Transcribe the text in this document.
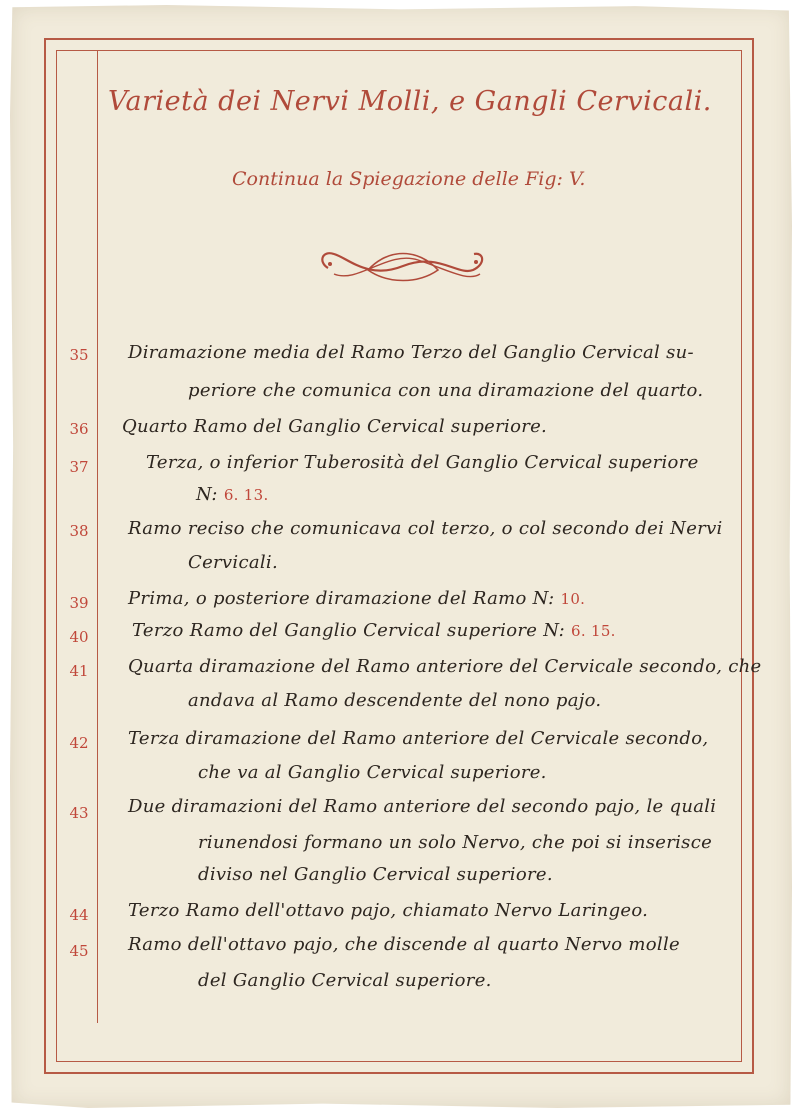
Varietà dei Nervi Molli, e Gangli Cervicali.
Continua la Spiegazione delle Fig: V.
35	Diramazione media del Ramo Terzo del Ganglio Cervical su-
periore che comunica con una diramazione del quarto.
36	Quarto Ramo del Ganglio Cervical superiore.
37	Terza, o inferior Tuberosità del Ganglio Cervical superiore
N: 6. 13.
38	Ramo reciso che comunicava col terzo, o col secondo dei Nervi
Cervicali.
39	Prima, o posteriore diramazione del Ramo N: 10.
40	Terzo Ramo del Ganglio Cervical superiore N: 6. 15.
41	Quarta diramazione del Ramo anteriore del Cervicale secondo, che
andava al Ramo descendente del nono pajo.
42	Terza diramazione del Ramo anteriore del Cervicale secondo,
che va al Ganglio Cervical superiore.
43	Due diramazioni del Ramo anteriore del secondo pajo, le quali
riunendosi formano un solo Nervo, che poi si inserisce
diviso nel Ganglio Cervical superiore.
44	Terzo Ramo dell'ottavo pajo, chiamato Nervo Laringeo.
45	Ramo dell'ottavo pajo, che discende al quarto Nervo molle
del Ganglio Cervical superiore.
